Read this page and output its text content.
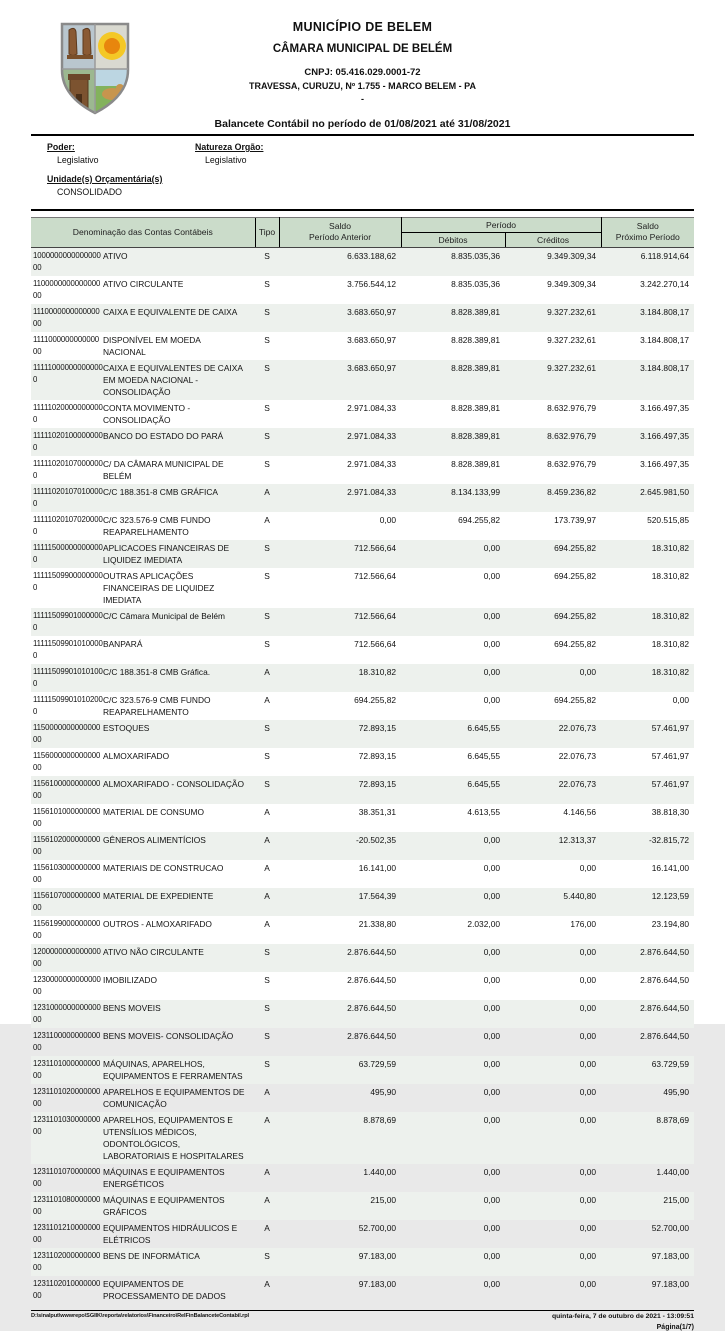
MUNICÍPIO DE BELEM
CÂMARA MUNICIPAL DE BELÉM
CNPJ: 05.416.029.0001-72
TRAVESSA, CURUZU, Nº 1.755 - MARCO BELEM - PA
-
Balancete Contábil no período de 01/08/2021 até 31/08/2021
Poder:
Legislativo
Natureza Orgão:
Legislativo
Unidade(s) Orçamentária(s)
CONSOLIDADO
Denominação das Contas Contábeis		Tipo	Saldo
Período Anterior	Período		Saldo
Próximo Período

				Débitos	Créditos	
100000000000000000	ATIVO	S	6.633.188,62	8.835.035,36	9.349.309,34	6.118.914,64
110000000000000000	ATIVO CIRCULANTE	S	3.756.544,12	8.835.035,36	9.349.309,34	3.242.270,14
111000000000000000	CAIXA E EQUIVALENTE DE CAIXA	S	3.683.650,97	8.828.389,81	9.327.232,61	3.184.808,17
111100000000000000	DISPONÍVEL EM MOEDA NACIONAL	S	3.683.650,97	8.828.389,81	9.327.232,61	3.184.808,17
111110000000000000	CAIXA E EQUIVALENTES DE CAIXA EM MOEDA NACIONAL - CONSOLIDAÇÃO	S	3.683.650,97	8.828.389,81	9.327.232,61	3.184.808,17
111110200000000000	CONTA MOVIMENTO - CONSOLIDAÇÃO	S	2.971.084,33	8.828.389,81	8.632.976,79	3.166.497,35
111110201000000000	BANCO DO ESTADO DO PARÁ	S	2.971.084,33	8.828.389,81	8.632.976,79	3.166.497,35
111110201070000000	C/ DA CÂMARA MUNICIPAL DE BELÉM	S	2.971.084,33	8.828.389,81	8.632.976,79	3.166.497,35
111110201070100000	C/C 188.351-8 CMB GRÁFICA	A	2.971.084,33	8.134.133,99	8.459.236,82	2.645.981,50
111110201070200000	C/C 323.576-9 CMB FUNDO REAPARELHAMENTO	A	0,00	694.255,82	173.739,97	520.515,85
111115000000000000	APLICACOES FINANCEIRAS DE LIQUIDEZ IMEDIATA	S	712.566,64	0,00	694.255,82	18.310,82
111115099000000000	OUTRAS APLICAÇÕES FINANCEIRAS DE LIQUIDEZ IMEDIATA	S	712.566,64	0,00	694.255,82	18.310,82
111115099010000000	C/C Câmara Municipal de Belém	S	712.566,64	0,00	694.255,82	18.310,82
111115099010100000	BANPARÁ	S	712.566,64	0,00	694.255,82	18.310,82
111115099010101000	C/C 188.351-8 CMB Gráfica.	A	18.310,82	0,00	0,00	18.310,82
111115099010102000	C/C 323.576-9 CMB FUNDO REAPARELHAMENTO	A	694.255,82	0,00	694.255,82	0,00
115000000000000000	ESTOQUES	S	72.893,15	6.645,55	22.076,73	57.461,97
115600000000000000	ALMOXARIFADO	S	72.893,15	6.645,55	22.076,73	57.461,97
115610000000000000	ALMOXARIFADO - CONSOLIDAÇÃO	S	72.893,15	6.645,55	22.076,73	57.461,97
115610100000000000	MATERIAL DE CONSUMO	A	38.351,31	4.613,55	4.146,56	38.818,30
115610200000000000	GÊNEROS ALIMENTÍCIOS	A	-20.502,35	0,00	12.313,37	-32.815,72
115610300000000000	MATERIAIS DE CONSTRUCAO	A	16.141,00	0,00	0,00	16.141,00
115610700000000000	MATERIAL DE EXPEDIENTE	A	17.564,39	0,00	5.440,80	12.123,59
115619900000000000	OUTROS - ALMOXARIFADO	A	21.338,80	2.032,00	176,00	23.194,80
120000000000000000	ATIVO NÃO CIRCULANTE	S	2.876.644,50	0,00	0,00	2.876.644,50
123000000000000000	IMOBILIZADO	S	2.876.644,50	0,00	0,00	2.876.644,50
123100000000000000	BENS MOVEIS	S	2.876.644,50	0,00	0,00	2.876.644,50
123110000000000000	BENS MOVEIS- CONSOLIDAÇÃO	S	2.876.644,50	0,00	0,00	2.876.644,50
123110100000000000	MÁQUINAS, APARELHOS, EQUIPAMENTOS E FERRAMENTAS	S	63.729,59	0,00	0,00	63.729,59
123110102000000000	APARELHOS E EQUIPAMENTOS DE COMUNICAÇÃO	A	495,90	0,00	0,00	495,90
123110103000000000	APARELHOS, EQUIPAMENTOS E UTENSÍLIOS MÉDICOS, ODONTOLÓGICOS, LABORATORIAIS E HOSPITALARES	A	8.878,69	0,00	0,00	8.878,69
123110107000000000	MÁQUINAS E EQUIPAMENTOS ENERGÉTICOS	A	1.440,00	0,00	0,00	1.440,00
123110108000000000	MÁQUINAS E EQUIPAMENTOS GRÁFICOS	A	215,00	0,00	0,00	215,00
123110121000000000	EQUIPAMENTOS HIDRÁULICOS E ELÉTRICOS	A	52.700,00	0,00	0,00	52.700,00
123110200000000000	BENS DE INFORMÁTICA	S	97.183,00	0,00	0,00	97.183,00
123110201000000000	EQUIPAMENTOS DE PROCESSAMENTO DE DADOS	A	97.183,00	0,00	0,00	97.183,00
D:\sinalput\wwwrepo\SGIIK\reporta\relatorios\Financeiro\RelFinBalanceteContabil.rpl	quinta-feira, 7 de outubro de 2021 - 13:09:51
Página(1/7)
